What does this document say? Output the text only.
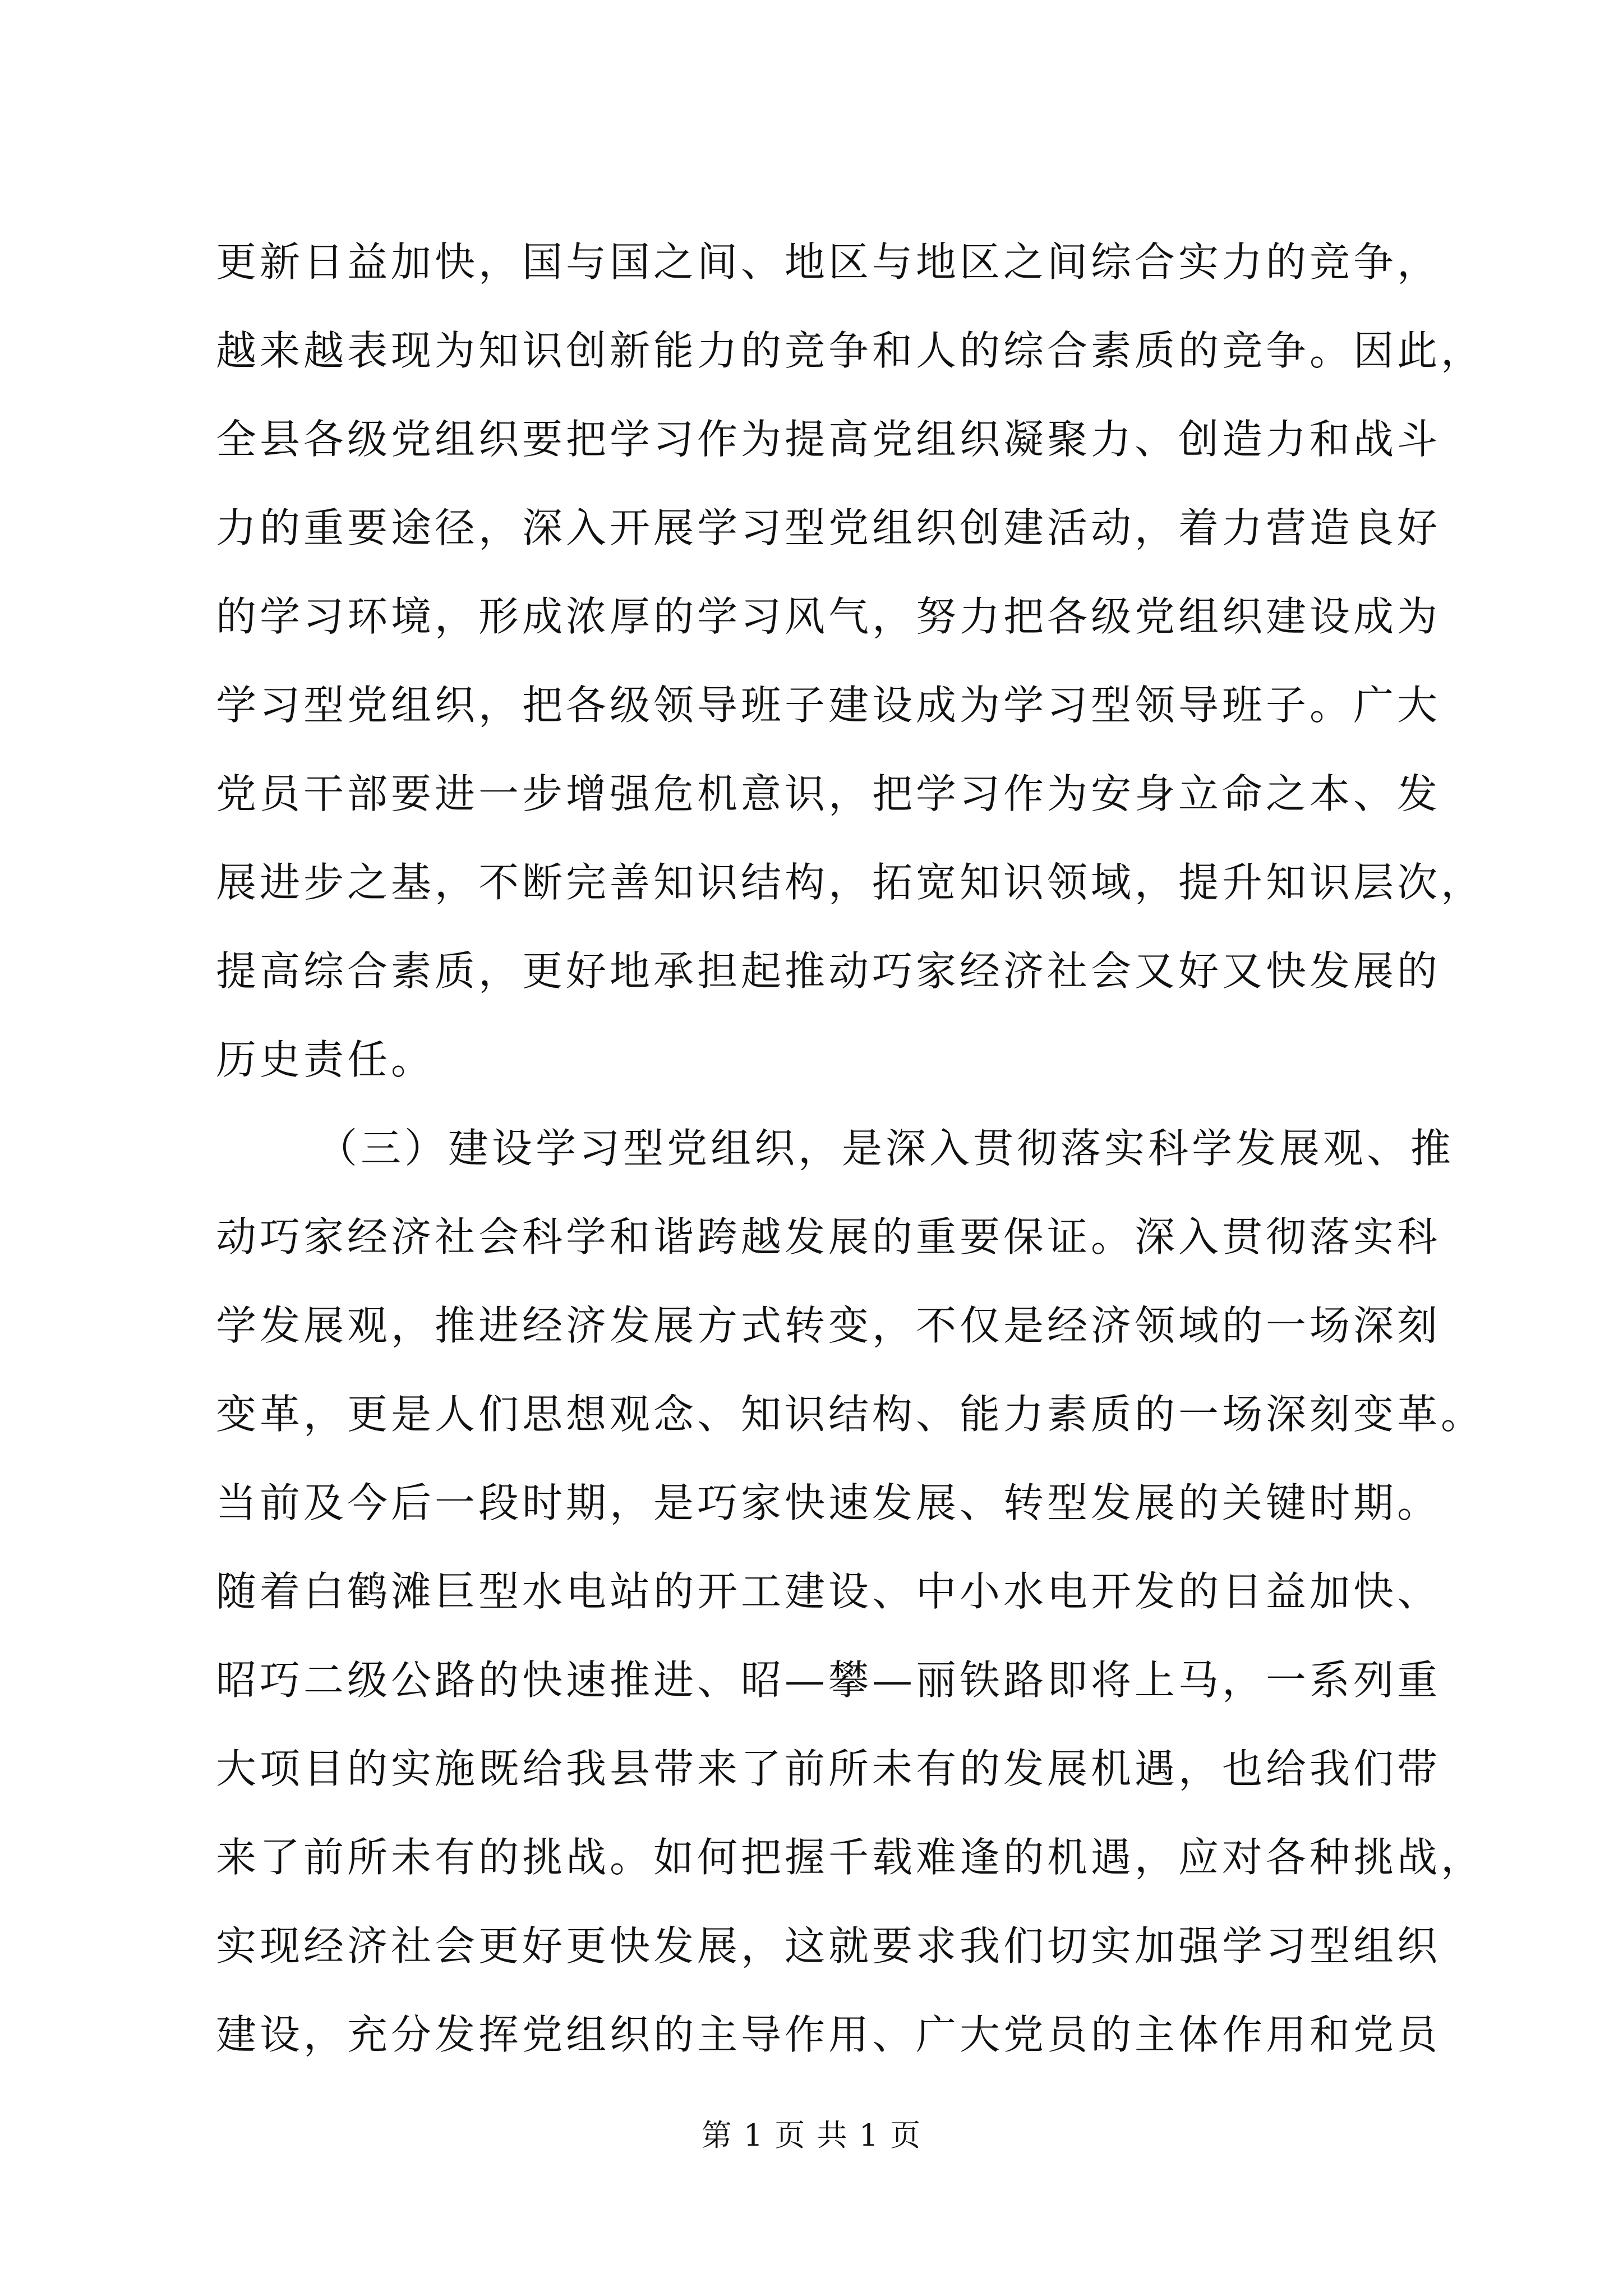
更新日益加快，国与国之间、地区与地区之间综合实力的竞争，
越来越表现为知识创新能力的竞争和人的综合素质的竞争。因此，
全县各级党组织要把学习作为提高党组织凝聚力、创造力和战斗
力的重要途径，深入开展学习型党组织创建活动，着力营造良好
的学习环境，形成浓厚的学习风气，努力把各级党组织建设成为
学习型党组织，把各级领导班子建设成为学习型领导班子。广大
党员干部要进一步增强危机意识，把学习作为安身立命之本、发
展进步之基，不断完善知识结构，拓宽知识领域，提升知识层次，
提高综合素质，更好地承担起推动巧家经济社会又好又快发展的
历史责任。
（三）建设学习型党组织，是深入贯彻落实科学发展观、推
动巧家经济社会科学和谐跨越发展的重要保证。深入贯彻落实科
学发展观，推进经济发展方式转变，不仅是经济领域的一场深刻
变革，更是人们思想观念、知识结构、能力素质的一场深刻变革。
当前及今后一段时期，是巧家快速发展、转型发展的关键时期。
随着白鹤滩巨型水电站的开工建设、中小水电开发的日益加快、
昭巧二级公路的快速推进、昭—攀—丽铁路即将上马，一系列重
大项目的实施既给我县带来了前所未有的发展机遇，也给我们带
来了前所未有的挑战。如何把握千载难逢的机遇，应对各种挑战，
实现经济社会更好更快发展，这就要求我们切实加强学习型组织
建设，充分发挥党组织的主导作用、广大党员的主体作用和党员
第 1 页 共 1 页
